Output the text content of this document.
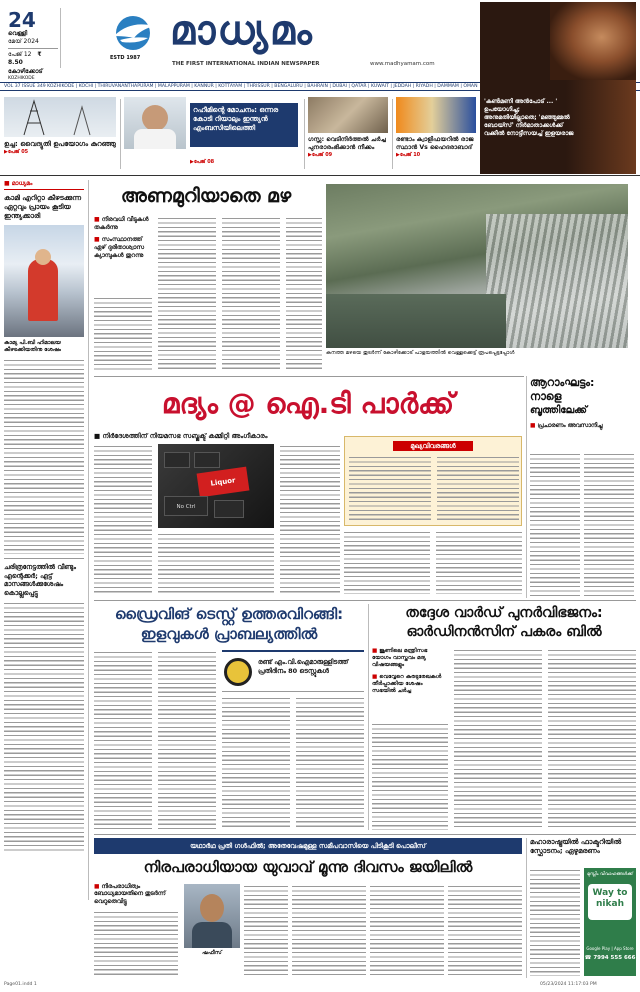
24
വെള്ളി
മേയ് 2024
പേജ് 12 ₹ 8.50
കോഴിക്കോട്
KOZHIKODE
ESTD 1987
മാധ്യമം
THE FIRST INTERNATIONAL INDIAN NEWSPAPER	www.madhyamam.com
VOL 37 ISSUE 349 KOZHIKODE | KOCHI | THIRUVANANTHAPURAM | MALAPPURAM | KANNUR | KOTTAYAM | THRISSUR | BENGALURU | BAHRAIN | DUBAI | QATAR | KUWAIT | JEDDAH | RIYADH | DAMMAM | OMAN
'കൺമണി അൻപോട് ... ' ഉപയോഗിച്ചു; അനുമതിയില്ലാതെ; 'മഞ്ഞുമ്മൽ ബോയ്സ്' നിർമാതാക്കൾക്ക് വക്കീൽ നോട്ടീസയച്ച് ഇളയരാജ
ഉച്ച: വൈദ്യുതി ഉപയോഗം കുറഞ്ഞു
▶പേജ് 05
റഹീമിന്റെ മോചനം: ഒന്നര കോടി റിയാലും ഇന്ത്യൻ എംബസിയിലെത്തി
▶പേജ് 08
ഗസ്സ: വെടിനിർത്തൽ ചർച്ച പുനരാരംഭിക്കാൻ നീക്കം
▶പേജ് 09
രണ്ടാം ക്വാളിഫയറിൽ രാജ സ്ഥാൻ Vs ഹൈദരാബാദ്
▶പേജ് 10
■ മാധ്യമം
കാമി എറിറ്റാ കീഴടക്കുന്ന ഏറ്റവും പ്രായം കൂടിയ ഇന്ത്യക്കാരി
കാമ്യ പി.ബി ഹിമാലയ കീഴടക്കിയതിനു ശേഷം
ചരിത്രനേട്ടത്തിൽ വീണ്ടും എന്റെക്കർ; എട്ട് മാസങ്ങൾക്കുശേഷം കൊല്ലപ്പെട്ടു
അണമുറിയാതെ മഴ
■ നിരവധി വീടുകൾ തകർന്നു
■ സംസ്ഥാനത്ത് ഏഴ് ദുരിതാശ്വാസ ക്യാമ്പുകൾ തുറന്നു
കനത്ത മഴയെ തുടർന്ന് കോഴിക്കോട് പാളയത്തിൽ വെള്ളക്കെട്ട് രൂപപ്പെട്ടപ്പോൾ
ആറാംഘട്ടം:
നാളെ
ബൂത്തിലേക്ക്
■ പ്രചാരണം അവസാനിച്ചു
മദ്യം @ ഐ.ടി പാർക്ക്
■ നിർദേശത്തിന് നിയമസഭ സബ്ജക്ട് കമ്മിറ്റി അംഗീകാരം
Liquor
No Ctrl
മുഖ്യവിവരങ്ങൾ
ഡ്രൈവിങ് ടെസ്റ്റ് ഉത്തരവിറങ്ങി:
ഇളവുകൾ പ്രാബല്യത്തിൽ
രണ്ട് എം.വി.ഐമാരുള്ളിടത്ത് പ്രതിദിനം 80 ടെസ്റ്റുകൾ
തദ്ദേശ വാർഡ് പുനർവിഭജനം:
ഓർഡിനൻസിന് പകരം ബിൽ
■ ജൂണിലെ മന്ത്രിസഭ യോഗം വാസ്തവം മദ്യ വിഷയങ്ങളും
■ വെവ്വേറെ കരടുരേഖകൾ തീർപ്പാക്കിയ ശേഷം സഭയിൽ ചർച്ച
യഥാർഥ പ്രതി ഗൾഫിൽ; അതേവേഷമുള്ള സമീപവാസിയെ പിടികൂടി പൊലീസ്
നിരപരാധിയായ യുവാവ് മൂന്നു ദിവസം ജയിലിൽ
■ നിരപരാധിത്വം ബോധ്യമായതിനെ തുടർന്ന് വെറുതെവിട്ടു
ഷഫീസ്
മഹാരാഷ്ട്രയിൽ ഫാക്ടറിയിൽ സ്ഫോടനം; ഏഴുമരണം
മുസ്ലിം വിവാഹങ്ങൾക്ക്
Way to
nikah
Google Play | App Store
☎ 7994 555 666
Page01.indd 1	05/23/2024 11:17:03 PM
